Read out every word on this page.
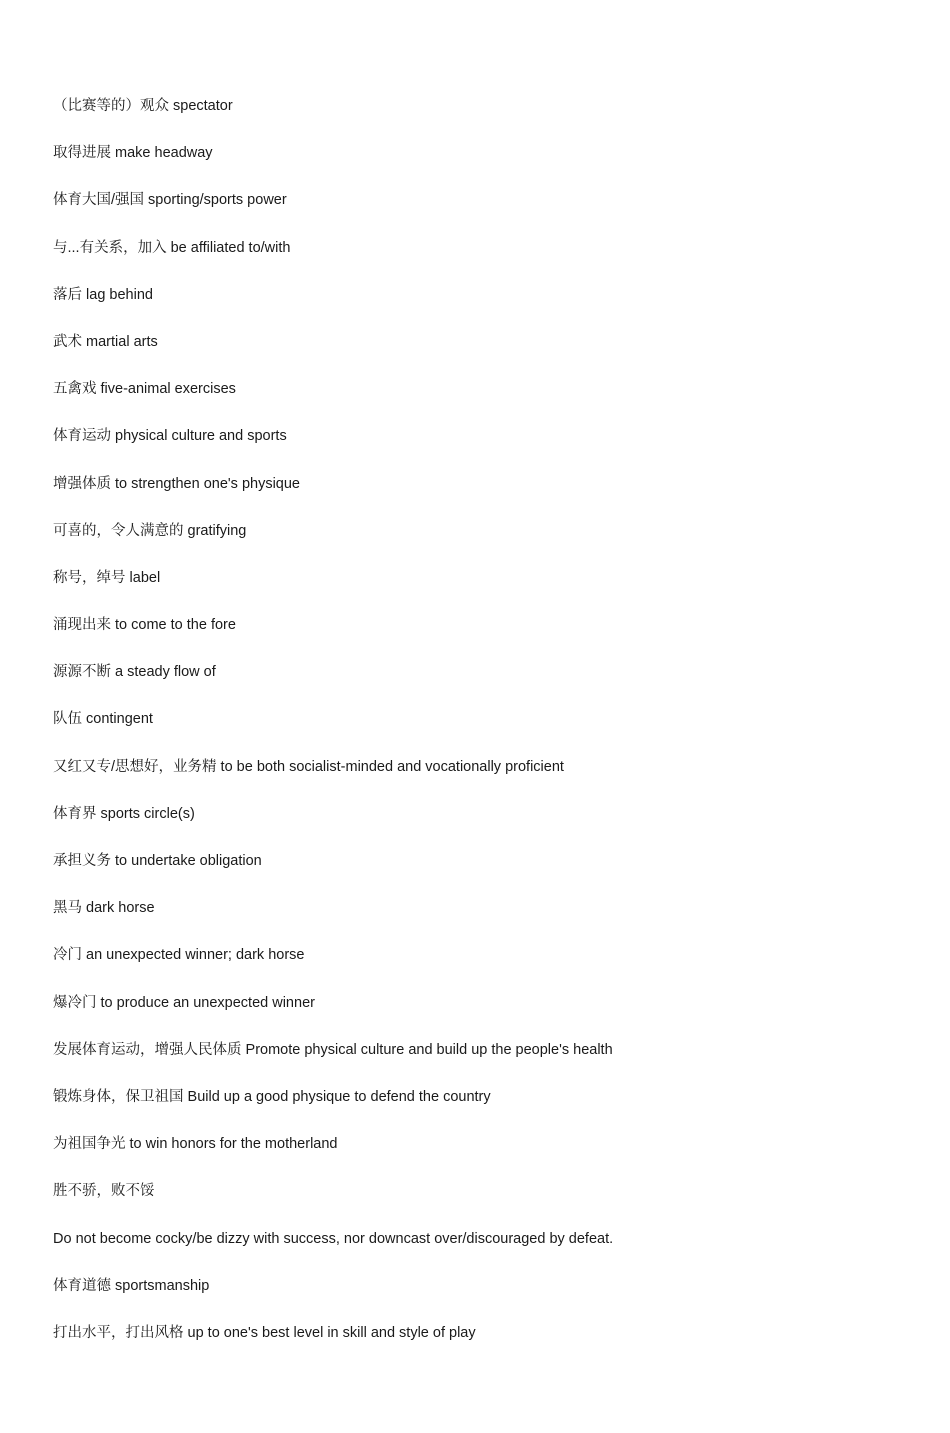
（比赛等的）观众 spectator
取得进展 make headway
体育大国/强国 sporting/sports power
与...有关系，加入 be affiliated to/with
落后 lag behind
武术 martial arts
五禽戏 five-animal exercises
体育运动 physical culture and sports
增强体质 to strengthen one's physique
可喜的，令人满意的 gratifying
称号，绰号 label
涌现出来 to come to the fore
源源不断 a steady flow of
队伍 contingent
又红又专/思想好，业务精 to be both socialist-minded and vocationally proficient
体育界 sports circle(s)
承担义务 to undertake obligation
黑马 dark horse
冷门 an unexpected winner; dark horse
爆冷门 to produce an unexpected winner
发展体育运动，增强人民体质 Promote physical culture and build up the people's health
锻炼身体，保卫祖国 Build up a good physique to defend the country
为祖国争光 to win honors for the motherland
胜不骄，败不馁
Do not become cocky/be dizzy with success, nor downcast over/discouraged by defeat.
体育道德 sportsmanship
打出水平，打出风格 up to one's best level in skill and style of play
